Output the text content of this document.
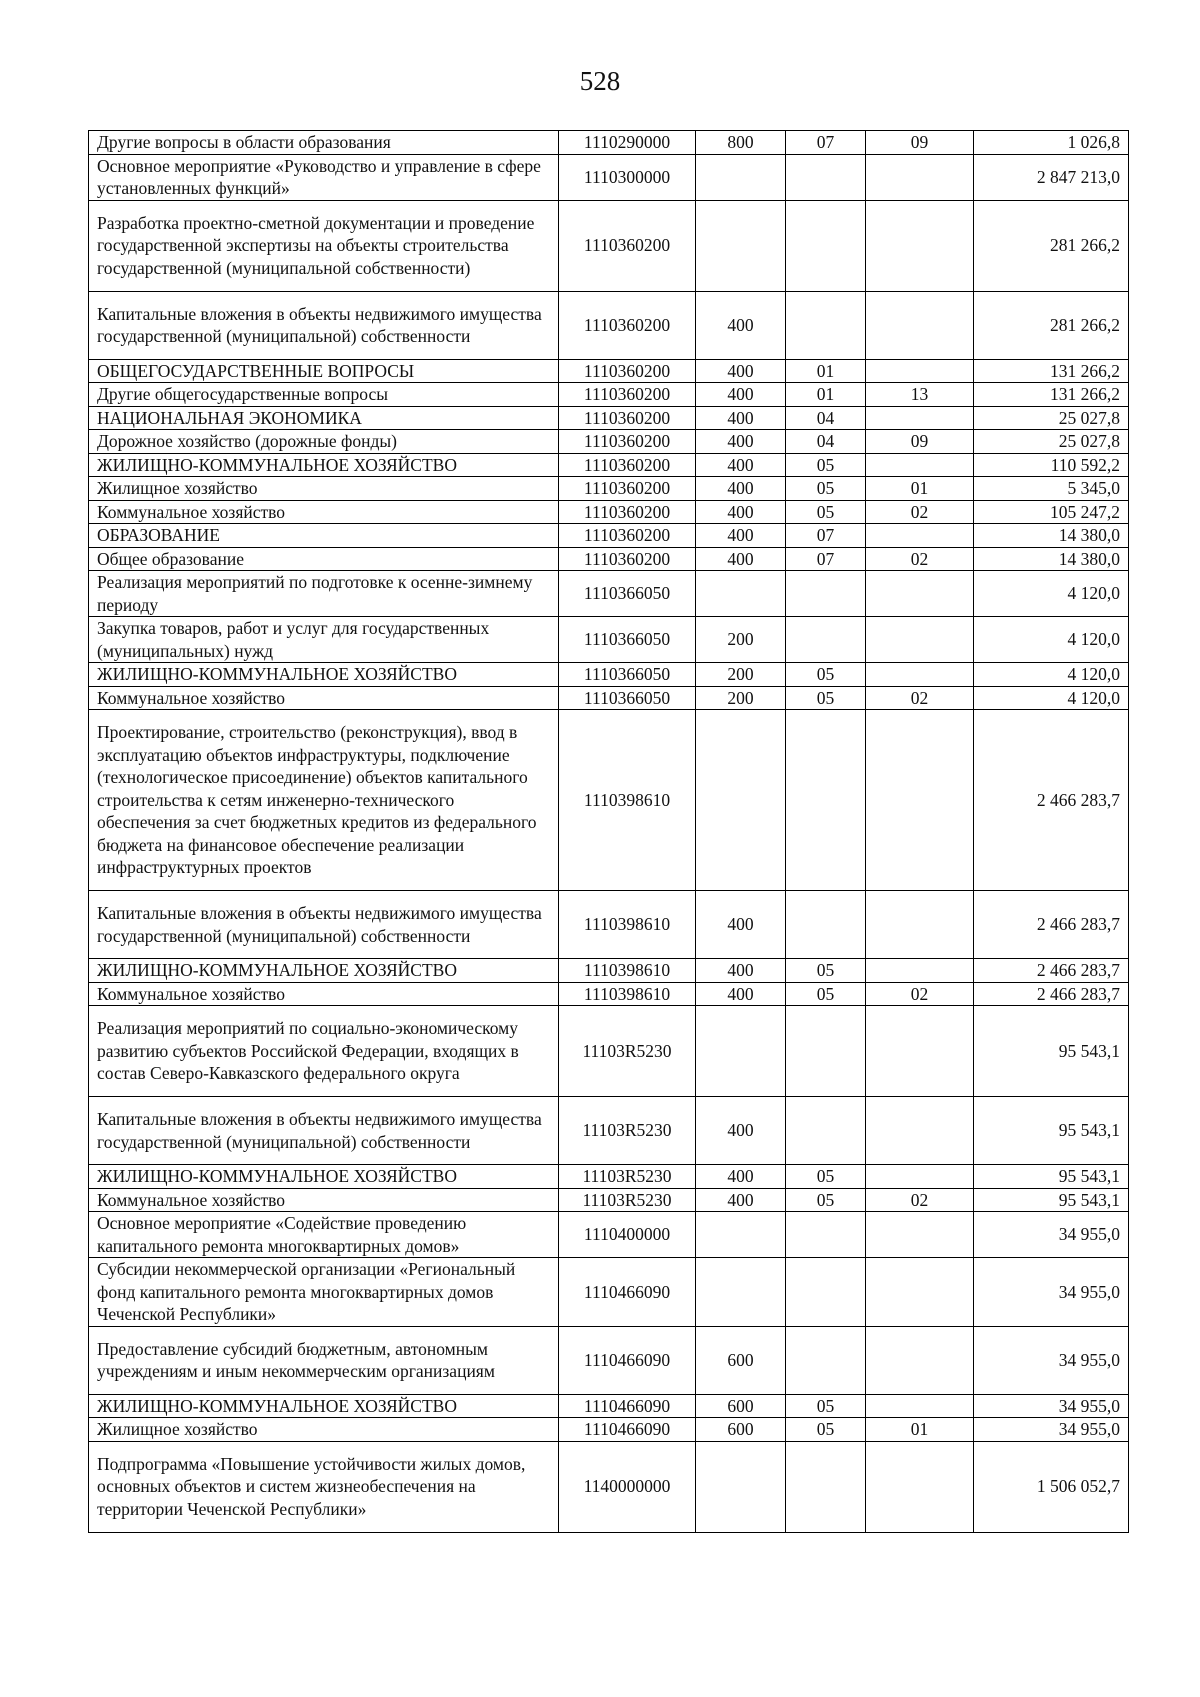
528
Другие вопросы в области образования	1110290000	800	07	09	1 026,8
Основное мероприятие «Руководство и управление в сфере установленных функций»	1110300000				2 847 213,0
Разработка проектно-сметной документации и проведение государственной экспертизы на объекты строительства государственной (муниципальной собственности)	1110360200				281 266,2
Капитальные вложения в объекты недвижимого имущества государственной (муниципальной) собственности	1110360200	400			281 266,2
ОБЩЕГОСУДАРСТВЕННЫЕ ВОПРОСЫ	1110360200	400	01		131 266,2
Другие общегосударственные вопросы	1110360200	400	01	13	131 266,2
НАЦИОНАЛЬНАЯ ЭКОНОМИКА	1110360200	400	04		25 027,8
Дорожное хозяйство (дорожные фонды)	1110360200	400	04	09	25 027,8
ЖИЛИЩНО-КОММУНАЛЬНОЕ ХОЗЯЙСТВО	1110360200	400	05		110 592,2
Жилищное хозяйство	1110360200	400	05	01	5 345,0
Коммунальное хозяйство	1110360200	400	05	02	105 247,2
ОБРАЗОВАНИЕ	1110360200	400	07		14 380,0
Общее образование	1110360200	400	07	02	14 380,0
Реализация мероприятий по подготовке к осенне-зимнему периоду	1110366050				4 120,0
Закупка товаров, работ и услуг для государственных (муниципальных) нужд	1110366050	200			4 120,0
ЖИЛИЩНО-КОММУНАЛЬНОЕ ХОЗЯЙСТВО	1110366050	200	05		4 120,0
Коммунальное хозяйство	1110366050	200	05	02	4 120,0
Проектирование, строительство (реконструкция), ввод в эксплуатацию объектов инфраструктуры, подключение (технологическое присоединение) объектов капитального строительства к сетям инженерно-технического обеспечения за счет бюджетных кредитов из федерального бюджета на финансовое обеспечение реализации инфраструктурных проектов	1110398610				2 466 283,7
Капитальные вложения в объекты недвижимого имущества государственной (муниципальной) собственности	1110398610	400			2 466 283,7
ЖИЛИЩНО-КОММУНАЛЬНОЕ ХОЗЯЙСТВО	1110398610	400	05		2 466 283,7
Коммунальное хозяйство	1110398610	400	05	02	2 466 283,7
Реализация мероприятий по социально-экономическому развитию субъектов Российской Федерации, входящих в состав Северо-Кавказского федерального округа	11103R5230				95 543,1
Капитальные вложения в объекты недвижимого имущества государственной (муниципальной) собственности	11103R5230	400			95 543,1
ЖИЛИЩНО-КОММУНАЛЬНОЕ ХОЗЯЙСТВО	11103R5230	400	05		95 543,1
Коммунальное хозяйство	11103R5230	400	05	02	95 543,1
Основное мероприятие «Содействие проведению капитального ремонта многоквартирных домов»	1110400000				34 955,0
Субсидии некоммерческой организации «Региональный фонд капитального ремонта многоквартирных домов Чеченской Республики»	1110466090				34 955,0
Предоставление субсидий бюджетным, автономным учреждениям и иным некоммерческим организациям	1110466090	600			34 955,0
ЖИЛИЩНО-КОММУНАЛЬНОЕ ХОЗЯЙСТВО	1110466090	600	05		34 955,0
Жилищное хозяйство	1110466090	600	05	01	34 955,0
Подпрограмма «Повышение устойчивости жилых домов, основных объектов и систем жизнеобеспечения на территории Чеченской Республики»	1140000000				1 506 052,7
